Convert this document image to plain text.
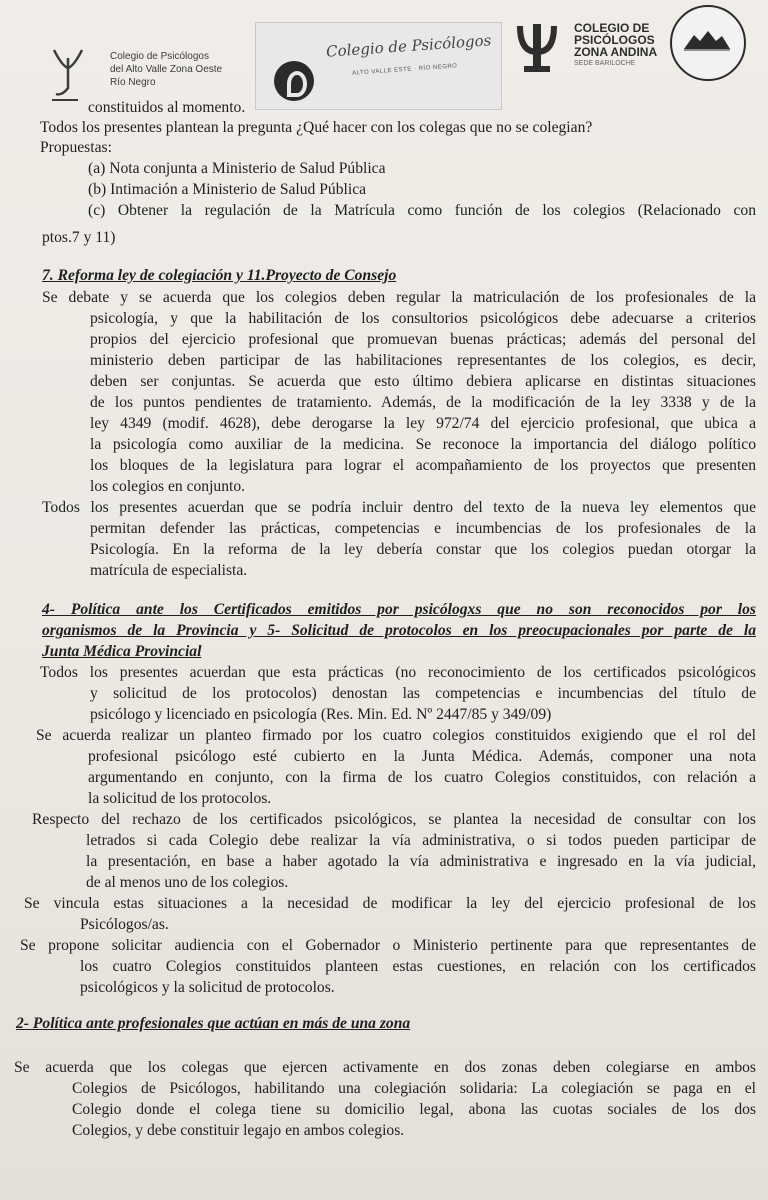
Colegio de Psicólogos
del Alto Valle Zona Oeste
Río Negro
Colegio de Psicólogos
ALTO VALLE ESTE · RÍO NEGRO
COLEGIO DE
PSICÓLOGOS
ZONA ANDINA
SEDE BARILOCHE
constituidos al momento.
Todos los presentes plantean la pregunta ¿Qué hacer con los colegas que no se colegian?
Propuestas:
(a) Nota conjunta a Ministerio de Salud Pública
(b) Intimación a Ministerio de Salud Pública
(c) Obtener la regulación de la Matrícula como función de los colegios (Relacionado con
ptos.7 y 11)
7. Reforma ley de colegiación y 11.Proyecto de Consejo
Se debate y se acuerda que los colegios deben regular la matriculación de los profesionales de la
psicología, y que la habilitación de los consultorios psicológicos debe adecuarse a criterios
propios del ejercicio profesional que promuevan buenas prácticas; además del personal del
ministerio deben participar de las habilitaciones representantes de los colegios, es decir,
deben ser conjuntas. Se acuerda que esto último debiera aplicarse en distintas situaciones
de los puntos pendientes de tratamiento. Además, de la modificación de la ley 3338 y de la
ley 4349 (modif. 4628), debe derogarse la ley 972/74 del ejercicio profesional, que ubica a
la psicología como auxiliar de la medicina. Se reconoce la importancia del diálogo político
los bloques de la legislatura para lograr el acompañamiento de los proyectos que presenten
los colegios en conjunto.
Todos los presentes acuerdan que se podría incluir dentro del texto de la nueva ley elementos que
permitan defender las prácticas, competencias e incumbencias de los profesionales de la
Psicología. En la reforma de la ley debería constar que los colegios puedan otorgar la
matrícula de especialista.
4- Política ante los Certificados emitidos por psicólogxs que no son reconocidos por los
organismos de la Provincia y 5- Solicitud de protocolos en los preocupacionales por parte de la
Junta Médica Provincial
Todos los presentes acuerdan que esta prácticas (no reconocimiento de los certificados psicológicos
y solicitud de los protocolos) denostan las competencias e incumbencias del título de
psicólogo y licenciado en psicología (Res. Min. Ed. Nº 2447/85 y 349/09)
Se acuerda realizar un planteo firmado por los cuatro colegios constituidos exigiendo que el rol del
profesional psicólogo esté cubierto en la Junta Médica. Además, componer una nota
argumentando en conjunto, con la firma de los cuatro Colegios constituidos, con relación a
la solicitud de los protocolos.
Respecto del rechazo de los certificados psicológicos, se plantea la necesidad de consultar con los
letrados si cada Colegio debe realizar la vía administrativa, o si todos pueden participar de
la presentación, en base a haber agotado la vía administrativa e ingresado en la vía judicial,
de al menos uno de los colegios.
Se vincula estas situaciones a la necesidad de modificar la ley del ejercicio profesional de los
Psicólogos/as.
Se propone solicitar audiencia con el Gobernador o Ministerio pertinente para que representantes de
los cuatro Colegios constituidos planteen estas cuestiones, en relación con los certificados
psicológicos y la solicitud de protocolos.
2- Política ante profesionales que actúan en más de una zona
Se acuerda que los colegas que ejercen activamente en dos zonas deben colegiarse en ambos
Colegios de Psicólogos, habilitando una colegiación solidaria: La colegiación se paga en el
Colegio donde el colega tiene su domicilio legal, abona las cuotas sociales de los dos
Colegios, y debe constituir legajo en ambos colegios.
